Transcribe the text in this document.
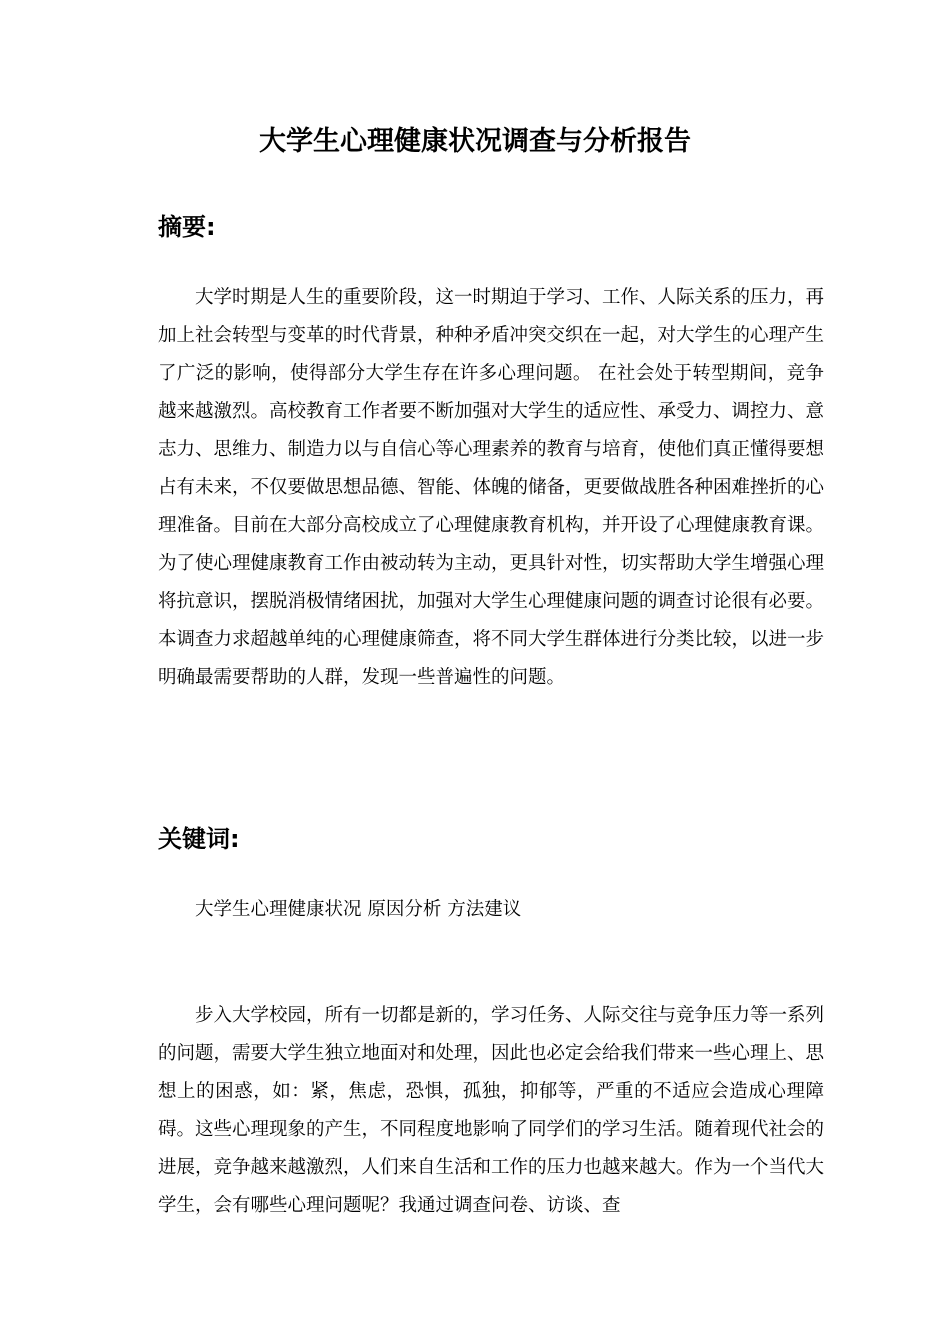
大学生心理健康状况调查与分析报告
摘要:

大学时期是人生的重要阶段，这一时期迫于学习、工作、人际关系的压力，再加上社会转型与变革的时代背景，种种矛盾冲突交织在一起，对大学生的心理产生了广泛的影响，使得部分大学生存在许多心理问题。 在社会处于转型期间，竞争越来越激烈。高校教育工作者要不断加强对大学生的适应性、承受力、调控力、意志力、思维力、制造力以与自信心等心理素养的教育与培育，使他们真正懂得要想占有未来，不仅要做思想品德、智能、体魄的储备，更要做战胜各种困难挫折的心理准备。目前在大部分高校成立了心理健康教育机构，并开设了心理健康教育课。为了使心理健康教育工作由被动转为主动，更具针对性，切实帮助大学生增强心理将抗意识，摆脱消极情绪困扰，加强对大学生心理健康问题的调查讨论很有必要。本调查力求超越单纯的心理健康筛查，将不同大学生群体进行分类比较，以进一步明确最需要帮助的人群，发现一些普遍性的问题。

关键词:

大学生心理健康状况 原因分析 方法建议

步入大学校园，所有一切都是新的，学习任务、人际交往与竞争压力等一系列的问题，需要大学生独立地面对和处理，因此也必定会给我们带来一些心理上、思想上的困惑，如：紧，焦虑，恐惧，孤独，抑郁等，严重的不适应会造成心理障碍。这些心理现象的产生，不同程度地影响了同学们的学习生活。随着现代社会的进展，竞争越来越激烈，人们来自生活和工作的压力也越来越大。作为一个当代大学生，会有哪些心理问题呢？我通过调查问卷、访谈、查
